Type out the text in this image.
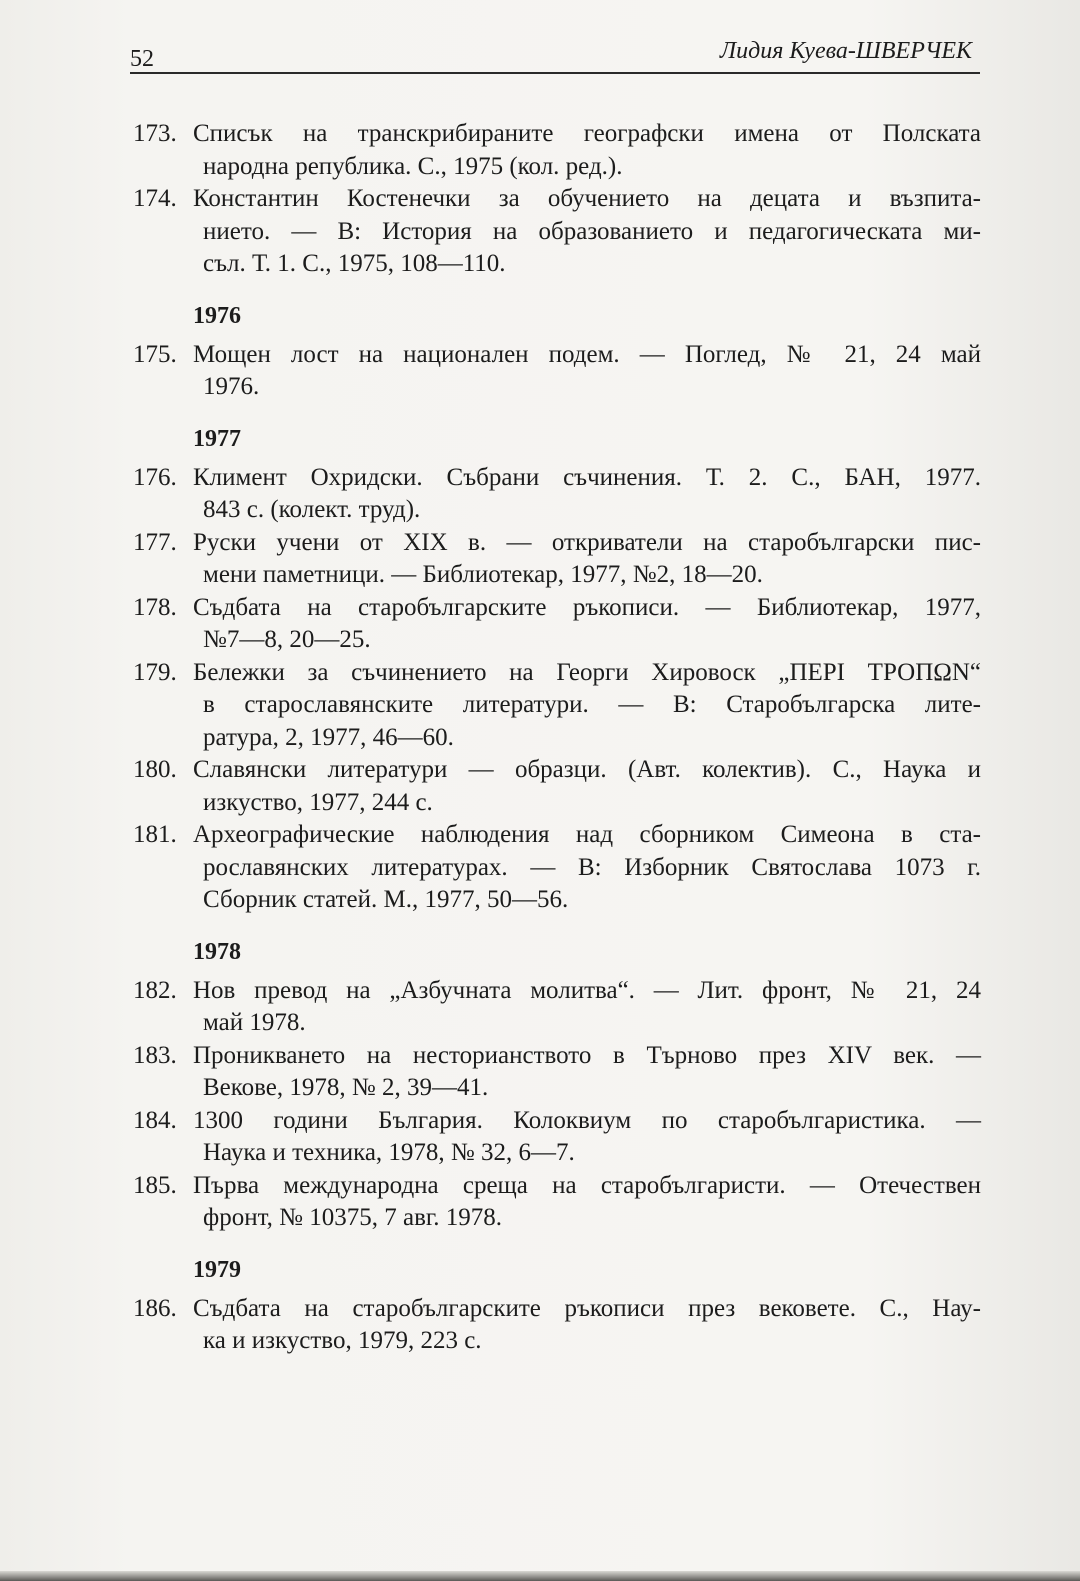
52	Лидия Куева-ШВЕРЧЕК
173. Списък на транскрибираните географски имена от Полската
народна република. С., 1975 (кол. ред.).
174. Константин Костенечки за обучението на децата и възпита-
нието. — В: История на образованието и педагогическата ми-
съл. Т. 1. С., 1975, 108—110.
1976
175. Мощен лост на национален подем. — Поглед, № 21, 24 май
1976.
1977
176. Климент Охридски. Събрани съчинения. Т. 2. С., БАН, 1977.
843 с. (колект. труд).
177. Руски учени от XIX в. — откриватели на старобългарски пис-
мени паметници. — Библиотекар, 1977, №2, 18—20.
178. Съдбата на старобългарските ръкописи. — Библиотекар, 1977,
№7—8, 20—25.
179. Бележки за съчинението на Георги Хировоск „ПЕРІ ТРОПΩN“
в старославянските литератури. — В: Старобългарска лите-
ратура, 2, 1977, 46—60.
180. Славянски литератури — образци. (Авт. колектив). С., Наука и
изкуство, 1977, 244 с.
181. Археографические наблюдения над сборником Симеона в ста-
рославянских литературах. — В: Изборник Святослава 1073 г.
Сборник статей. М., 1977, 50—56.
1978
182. Нов превод на „Азбучната молитва“. — Лит. фронт, № 21, 24
май 1978.
183. Проникването на несторианството в Търново през XIV век. —
Векове, 1978, № 2, 39—41.
184. 1300 години България. Колоквиум по старобългаристика. —
Наука и техника, 1978, № 32, 6—7.
185. Първа международна среща на старобългаристи. — Отечествен
фронт, № 10375, 7 авг. 1978.
1979
186. Съдбата на старобългарските ръкописи през вековете. С., Нау-
ка и изкуство, 1979, 223 с.
